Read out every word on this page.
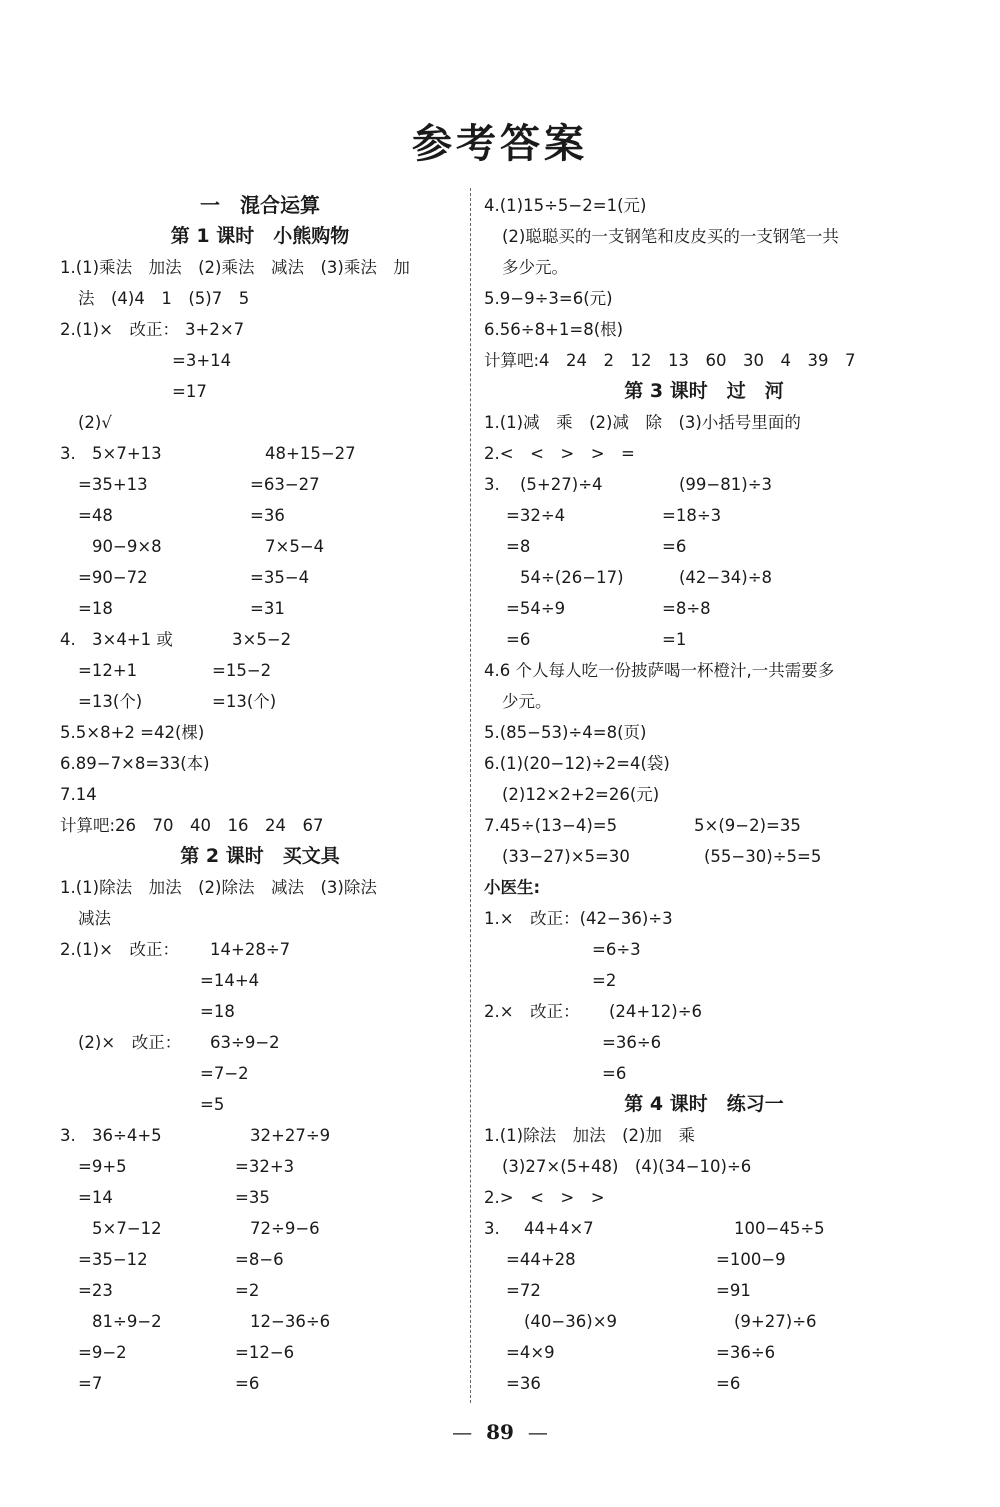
参考答案
一　混合运算
第 1 课时　小熊购物
1.(1)乘法　加法　(2)乘法　减法　(3)乘法　加
法　(4)4　1　(5)7　5
2.(1)×　改正： 3+2×7
=3+14
=17
(2)√
3. 5×7+13	48+15−27
=35+13	=63−27
=48	=36
90−9×8	7×5−4
=90−72	=35−4
=18	=31
4. 3×4+1 或	3×5−2
=12+1	=15−2
=13(个)	=13(个)
5.5×8+2 =42(棵)
6.89−7×8=33(本)
7.14
计算吧:26　70　40　16　24　67
第 2 课时　买文具
1.(1)除法　加法　(2)除法　减法　(3)除法
减法
2.(1)×　改正： 14+28÷7
=14+4
=18
(2)×　改正： 63÷9−2
=7−2
=5
3. 36÷4+5	32+27÷9
=9+5	=32+3
=14	=35
5×7−12	72÷9−6
=35−12	=8−6
=23	=2
81÷9−2	12−36÷6
=9−2	=12−6
=7	=6
4.(1)15÷5−2=1(元)
(2)聪聪买的一支钢笔和皮皮买的一支钢笔一共
多少元。
5.9−9÷3=6(元)
6.56÷8+1=8(根)
计算吧:4　24　2　12　13　60　30　4　39　7
第 3 课时　过　河
1.(1)减　乘　(2)减　除　(3)小括号里面的
2.<　<　>　>　=
3. (5+27)÷4	(99−81)÷3
=32÷4	=18÷3
=8	=6
54÷(26−17)	(42−34)÷8
=54÷9	=8÷8
=6	=1
4.6 个人每人吃一份披萨喝一杯橙汁,一共需要多
少元。
5.(85−53)÷4=8(页)
6.(1)(20−12)÷2=4(袋)
(2)12×2+2=26(元)
7.45÷(13−4)=5	5×(9−2)=35
(33−27)×5=30	(55−30)÷5=5
小医生:
1.×　改正：(42−36)÷3
=6÷3
=2
2.×　改正： (24+12)÷6
=36÷6
=6
第 4 课时　练习一
1.(1)除法　加法　(2)加　乘
(3)27×(5+48)　(4)(34−10)÷6
2.>　<　>　>
3. 44+4×7	100−45÷5
=44+28	=100−9
=72	=91
(40−36)×9	(9+27)÷6
=4×9	=36÷6
=36	=6
— 89 —
